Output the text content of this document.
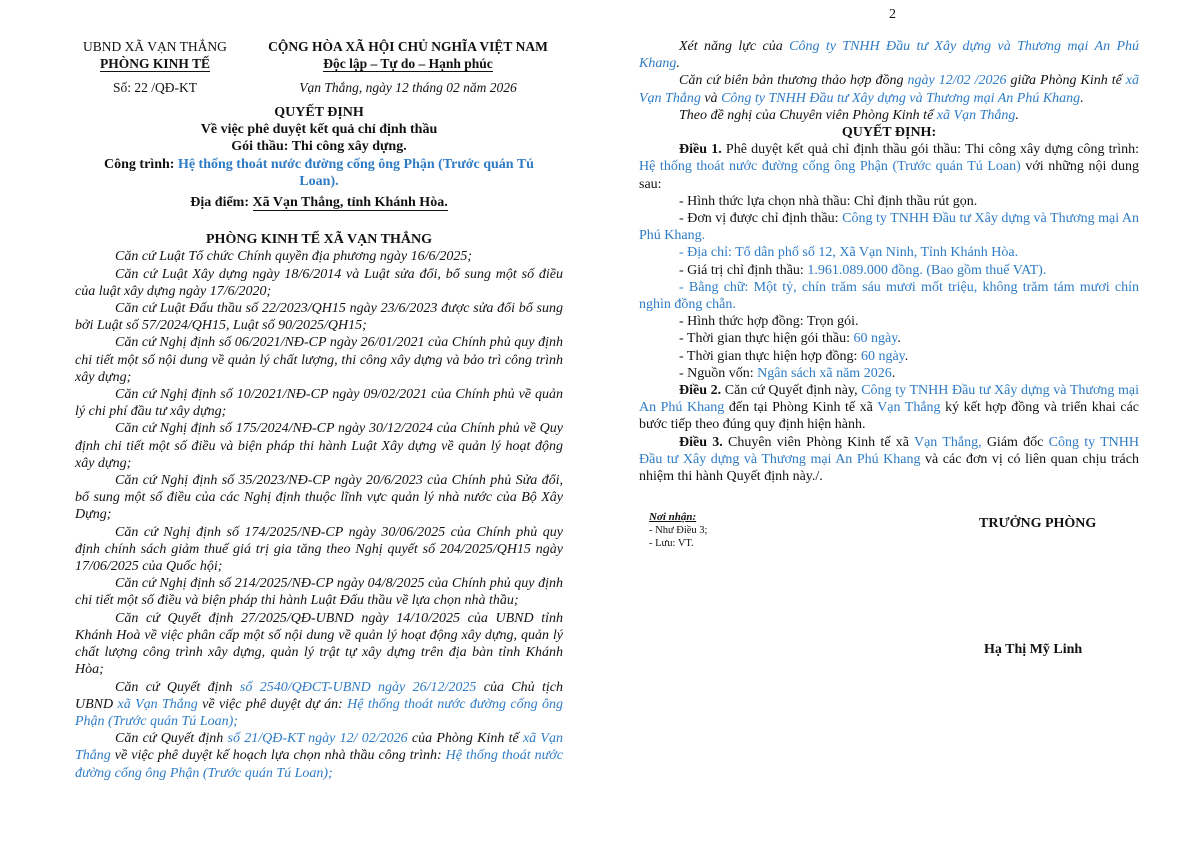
2
UBND XÃ VẠN THẮNG
PHÒNG KINH TẾ
Số: 22 /QĐ-KT
CỘNG HÒA XÃ HỘI CHỦ NGHĨA VIỆT NAM
Độc lập – Tự do – Hạnh phúc
Vạn Thắng, ngày 12 tháng 02 năm 2026
QUYẾT ĐỊNH
Về việc phê duyệt kết quả chỉ định thầu
Gói thầu: Thi công xây dựng.
Công trình: Hệ thống thoát nước đường cống ông Phận (Trước quán Tú Loan).
Địa điểm: Xã Vạn Thắng, tỉnh Khánh Hòa.
PHÒNG KINH TẾ XÃ VẠN THẮNG

Căn cứ Luật Tổ chức Chính quyền địa phương ngày 16/6/2025;

Căn cứ Luật Xây dựng ngày 18/6/2014 và Luật sửa đổi, bổ sung một số điều của luật xây dựng ngày 17/6/2020;

Căn cứ Luật Đấu thầu số 22/2023/QH15 ngày 23/6/2023 được sửa đổi bổ sung bởi Luật số 57/2024/QH15, Luật số 90/2025/QH15;

Căn cứ Nghị định số 06/2021/NĐ-CP ngày 26/01/2021 của Chính phủ quy định chi tiết một số nội dung về quản lý chất lượng, thi công xây dựng và bảo trì công trình xây dựng;

Căn cứ Nghị định số 10/2021/NĐ-CP ngày 09/02/2021 của Chính phủ về quản lý chi phí đầu tư xây dựng;

Căn cứ Nghị định số 175/2024/NĐ-CP ngày 30/12/2024 của Chính phủ về Quy định chi tiết một số điều và biện pháp thi hành Luật Xây dựng về quản lý hoạt động xây dựng;

Căn cứ Nghị định số 35/2023/NĐ-CP ngày 20/6/2023 của Chính phủ Sửa đổi, bổ sung một số điều của các Nghị định thuộc lĩnh vực quản lý nhà nước của Bộ Xây Dựng;

Căn cứ Nghị định số 174/2025/NĐ-CP ngày 30/06/2025 của Chính phủ quy định chính sách giảm thuế giá trị gia tăng theo Nghị quyết số 204/2025/QH15 ngày 17/06/2025 của Quốc hội;

Căn cứ Nghị định số 214/2025/NĐ-CP ngày 04/8/2025 của Chính phủ quy định chi tiết một số điều và biện pháp thi hành Luật Đấu thầu về lựa chọn nhà thầu;

Căn cứ Quyết định 27/2025/QĐ-UBND ngày 14/10/2025 của UBND tỉnh Khánh Hoà về việc phân cấp một số nội dung về quản lý hoạt động xây dựng, quản lý chất lượng công trình xây dựng, quản lý trật tự xây dựng trên địa bàn tỉnh Khánh Hòa;

Căn cứ Quyết định số 2540/QĐCT-UBND ngày 26/12/2025 của Chủ tịch UBND xã Vạn Thắng về việc phê duyệt dự án: Hệ thống thoát nước đường cống ông Phận (Trước quán Tú Loan);

Căn cứ Quyết định số 21/QĐ-KT ngày 12/ 02/2026 của Phòng Kinh tế xã Vạn Thắng về việc phê duyệt kế hoạch lựa chọn nhà thầu công trình: Hệ thống thoát nước đường cống ông Phận (Trước quán Tú Loan);

Xét năng lực của Công ty TNHH Đầu tư Xây dựng và Thương mại An Phú Khang.

Căn cứ biên bản thương thảo hợp đồng ngày 12/02 /2026 giữa Phòng Kinh tế xã Vạn Thắng và Công ty TNHH Đầu tư Xây dựng và Thương mại An Phú Khang.

Theo đề nghị của Chuyên viên Phòng Kinh tế xã Vạn Thắng.

QUYẾT ĐỊNH:

Điều 1. Phê duyệt kết quả chỉ định thầu gói thầu: Thi công xây dựng công trình: Hệ thống thoát nước đường cống ông Phận (Trước quán Tú Loan) với những nội dung sau:

- Hình thức lựa chọn nhà thầu: Chỉ định thầu rút gọn.

- Đơn vị được chỉ định thầu: Công ty TNHH Đầu tư Xây dựng và Thương mại An Phú Khang.

- Địa chỉ: Tổ dân phố số 12, Xã Vạn Ninh, Tỉnh Khánh Hòa.

- Giá trị chỉ định thầu: 1.961.089.000 đồng. (Bao gồm thuế VAT).

- Bằng chữ: Một tỷ, chín trăm sáu mươi mốt triệu, không trăm tám mươi chín nghìn đồng chẵn.

- Hình thức hợp đồng: Trọn gói.

- Thời gian thực hiện gói thầu: 60 ngày.

- Thời gian thực hiện hợp đồng: 60 ngày.

- Nguồn vốn: Ngân sách xã năm 2026.

Điều 2. Căn cứ Quyết định này, Công ty TNHH Đầu tư Xây dựng và Thương mại An Phú Khang đến tại Phòng Kinh tế xã Vạn Thắng ký kết hợp đồng và triển khai các bước tiếp theo đúng quy định hiện hành.

Điều 3. Chuyên viên Phòng Kinh tế xã Vạn Thắng, Giám đốc Công ty TNHH Đầu tư Xây dựng và Thương mại An Phú Khang và các đơn vị có liên quan chịu trách nhiệm thi hành Quyết định này./.

Nơi nhận:
- Như Điều 3;
- Lưu: VT.
TRƯỞNG PHÒNG
Hạ Thị Mỹ Linh
